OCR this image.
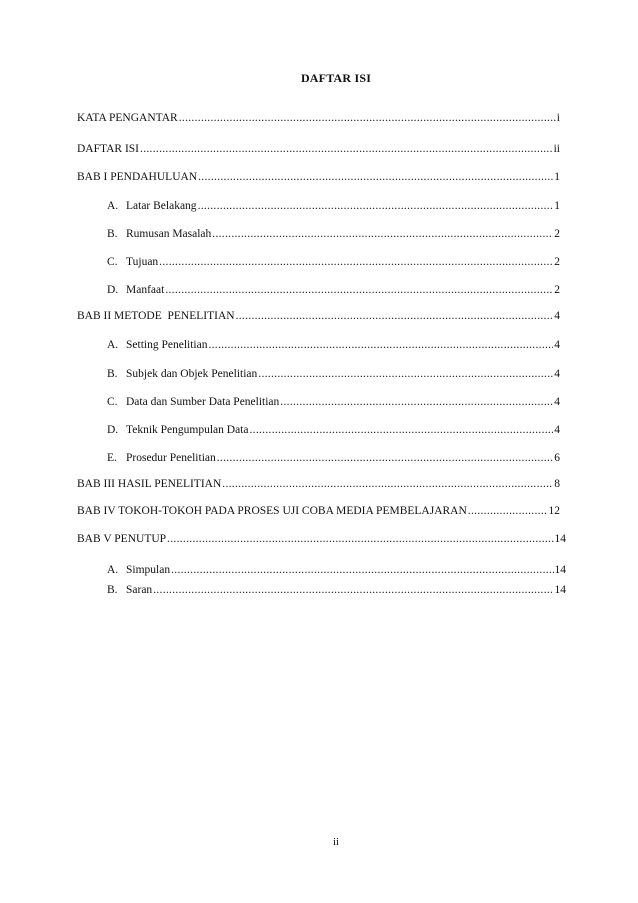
DAFTAR ISI
KATA PENGANTAR .....	i
DAFTAR ISI .....	ii
BAB I PENDAHULUAN .....	1
A. Latar Belakang .....	1
B. Rumusan Masalah .....	2
C. Tujuan .....	2
D. Manfaat .....	2
BAB II METODE  PENELITIAN .....	4
A. Setting Penelitian .....	4
B. Subjek dan Objek Penelitian .....	4
C. Data dan Sumber Data Penelitian .....	4
D. Teknik Pengumpulan Data .....	4
E. Prosedur Penelitian .....	6
BAB III HASIL PENELITIAN .....	8
BAB IV TOKOH-TOKOH PADA PROSES UJI COBA MEDIA PEMBELAJARAN .....	12
BAB V PENUTUP .....	14
A. Simpulan .....	14
B. Saran .....	14
ii
